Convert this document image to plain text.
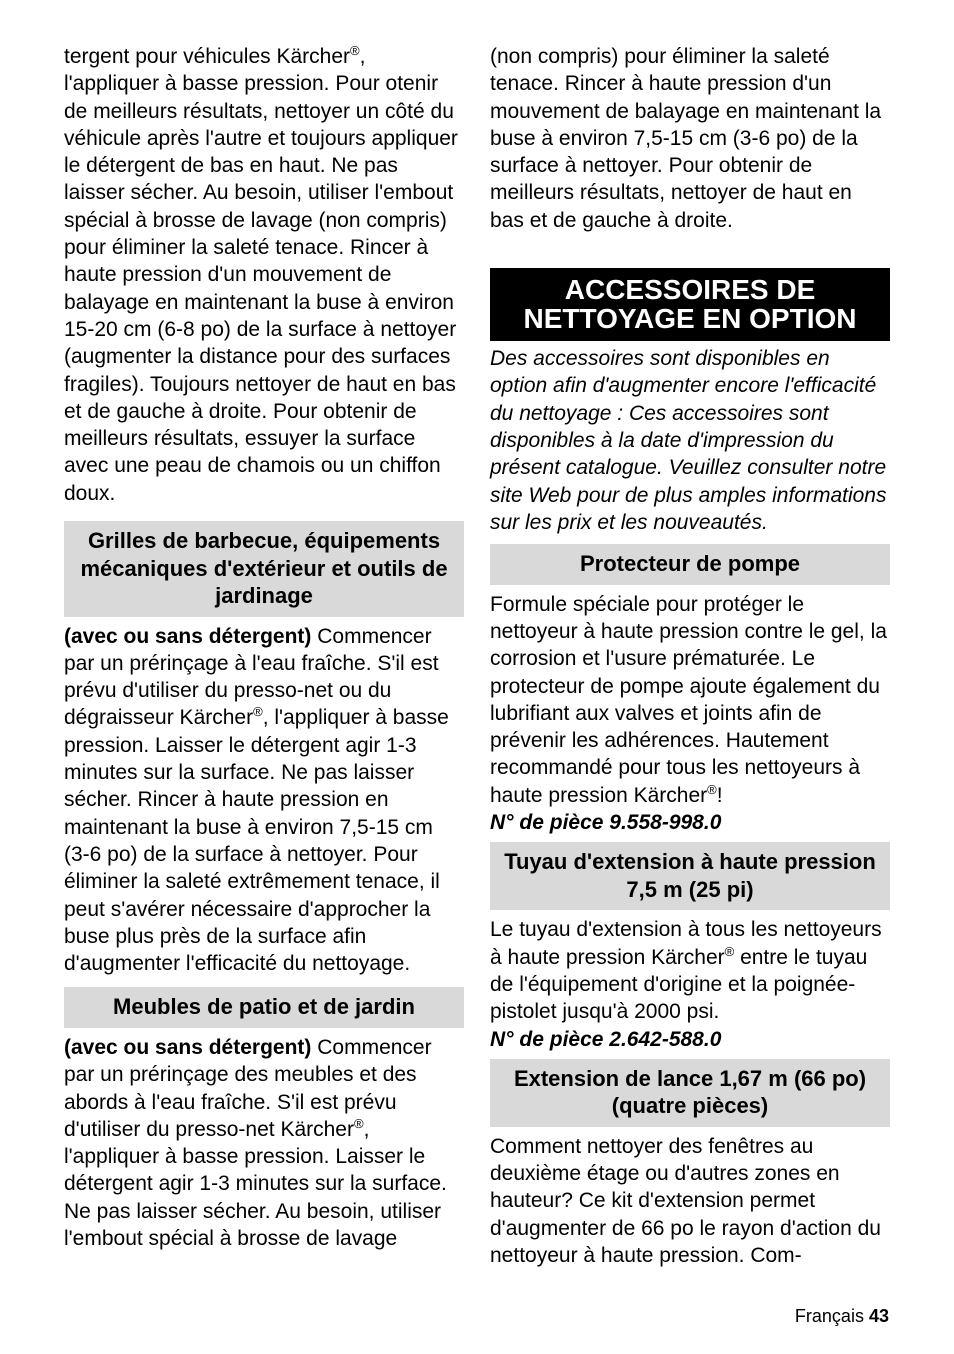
tergent pour véhicules Kärcher®, l'appliquer à basse pression. Pour otenir de meilleurs résultats, nettoyer un côté du véhicule après l'autre et toujours appliquer le détergent de bas en haut. Ne pas laisser sécher. Au besoin, utiliser l'embout spécial à brosse de lavage (non compris) pour éliminer la saleté tenace. Rincer à haute pression d'un mouvement de balayage en maintenant la buse à environ 15-20 cm (6-8 po) de la surface à nettoyer (augmenter la distance pour des surfaces fragiles). Toujours nettoyer de haut en bas et de gauche à droite. Pour obtenir de meilleurs résultats, essuyer la surface avec une peau de chamois ou un chiffon doux.

Grilles de barbecue, équipements mécaniques d'extérieur et outils de jardinage

(avec ou sans détergent) Commencer par un prérinçage à l'eau fraîche. S'il est prévu d'utiliser du presso-net ou du dégraisseur Kärcher®, l'appliquer à basse pression. Laisser le détergent agir 1-3 minutes sur la surface. Ne pas laisser sécher. Rincer à haute pression en maintenant la buse à environ 7,5-15 cm (3-6 po) de la surface à nettoyer. Pour éliminer la saleté extrêmement tenace, il peut s'avérer nécessaire d'approcher la buse plus près de la surface afin d'augmenter l'efficacité du nettoyage.

Meubles de patio et de jardin

(avec ou sans détergent) Commencer par un prérinçage des meubles et des abords à l'eau fraîche. S'il est prévu d'utiliser du presso-net Kärcher®, l'appliquer à basse pression. Laisser le détergent agir 1-3 minutes sur la surface. Ne pas laisser sécher. Au besoin, utiliser l'embout spécial à brosse de lavage

(non compris) pour éliminer la saleté tenace. Rincer à haute pression d'un mouvement de balayage en maintenant la buse à environ 7,5-15 cm (3-6 po) de la surface à nettoyer. Pour obtenir de meilleurs résultats, nettoyer de haut en bas et de gauche à droite.

ACCESSOIRES DE NETTOYAGE EN OPTION

Des accessoires sont disponibles en option afin d'augmenter encore l'efficacité du nettoyage : Ces accessoires sont disponibles à la date d'impression du présent catalogue. Veuillez consulter notre site Web pour de plus amples informations sur les prix et les nouveautés.

Protecteur de pompe

Formule spéciale pour protéger le nettoyeur à haute pression contre le gel, la corrosion et l'usure prématurée. Le protecteur de pompe ajoute également du lubrifiant aux valves et joints afin de prévenir les adhérences. Hautement recommandé pour tous les nettoyeurs à haute pression Kärcher®!

N° de pièce 9.558-998.0

Tuyau d'extension à haute pression 7,5 m (25 pi)

Le tuyau d'extension à tous les nettoyeurs à haute pression Kärcher® entre le tuyau de l'équipement d'origine et la poignée-pistolet jusqu'à 2000 psi.

N° de pièce 2.642-588.0

Extension de lance 1,67 m (66 po) (quatre pièces)

Comment nettoyer des fenêtres au deuxième étage ou d'autres zones en hauteur? Ce kit d'extension permet d'augmenter de 66 po le rayon d'action du nettoyeur à haute pression. Com-

Français 43
